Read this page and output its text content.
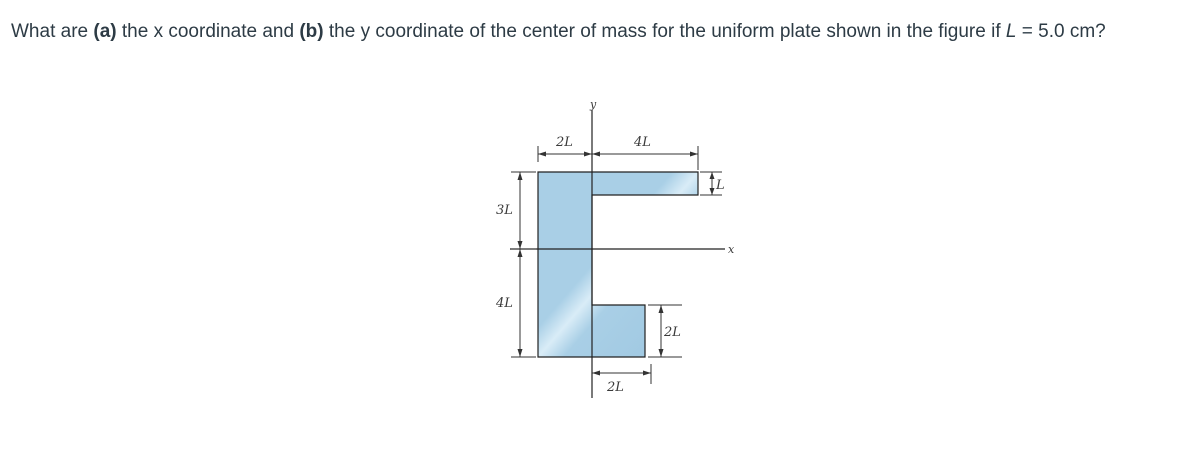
What are (a) the x coordinate and (b) the y coordinate of the center of mass for the uniform plate shown in the figure if L = 5.0 cm?

y
x
2L	4L
L
3L
4L
2L
2L
